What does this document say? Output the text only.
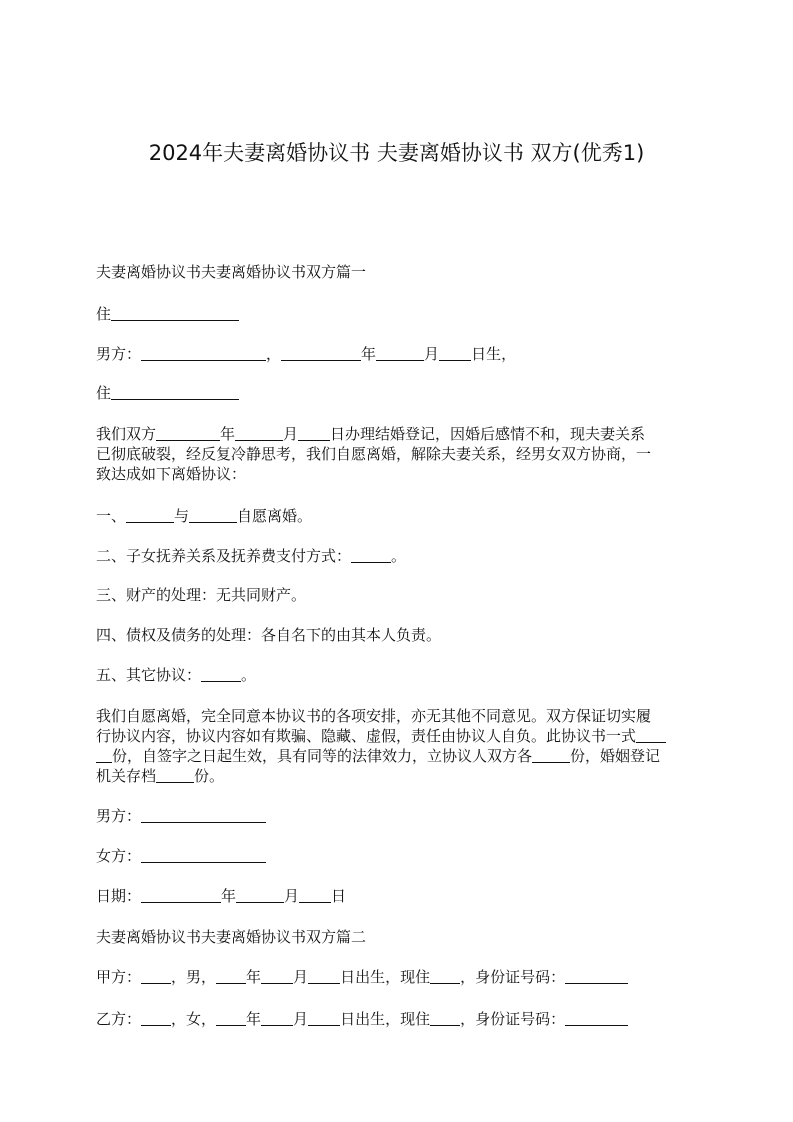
2024年夫妻离婚协议书 夫妻离婚协议书 双方(优秀1)

夫妻离婚协议书夫妻离婚协议书双方篇一

住

男方：	，	年	月 日生，

住

我们双方	年	月 日办理结婚登记，因婚后感情不和，现夫妻关系
已彻底破裂，经反复冷静思考，我们自愿离婚，解除夫妻关系，经男女双方协商，一
致达成如下离婚协议：

一、	与	自愿离婚。

二、子女抚养关系及抚养费支付方式：	。

三、财产的处理：无共同财产。

四、债权及债务的处理：各自名下的由其本人负责。

五、其它协议：	。

我们自愿离婚，完全同意本协议书的各项安排，亦无其他不同意见。双方保证切实履
行协议内容，协议内容如有欺骗、隐藏、虚假，责任由协议人自负。此协议书一式
份，自签字之日起生效，具有同等的法律效力，立协议人双方各	份，婚姻登记
机关存档	份。

男方：

女方：

日期：	年	月 日

夫妻离婚协议书夫妻离婚协议书双方篇二

甲方： ，男， 年 月 日出生，现住 ，身份证号码：

乙方： ，女， 年 月 日出生，现住 ，身份证号码：
